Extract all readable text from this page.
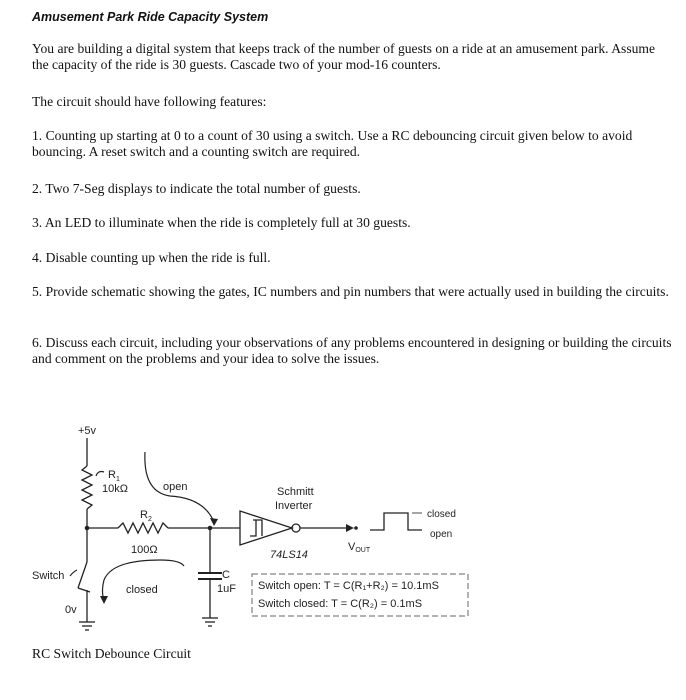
Amusement Park Ride Capacity System

You are building a digital system that keeps track of the number of guests on a ride at an amusement park. Assume the capacity of the ride is 30 guests. Cascade two of your mod-16 counters.

The circuit should have following features:

1. Counting up starting at 0 to a count of 30 using a switch. Use a RC debouncing circuit given below to avoid bouncing. A reset switch and a counting switch are required.

2. Two 7-Seg displays to indicate the total number of guests.

3. An LED to illuminate when the ride is completely full at 30 guests.

4. Disable counting up when the ride is full.

5. Provide schematic showing the gates, IC numbers and pin numbers that were actually used in building the circuits.

6. Discuss each circuit, including your observations of any problems encountered in designing or building the circuits and comment on the problems and your idea to solve the issues.

+5v
$R_1$
10kΩ
$R_2$
100Ω
open
C
1uF
closed
Switch
0v
Schmitt
Inverter
74LS14
VOUT
closed
open
Switch open: T = C(R₁+R₂) = 10.1mS
Switch closed: T = C(R₂) = 0.1mS
RC Switch Debounce Circuit
